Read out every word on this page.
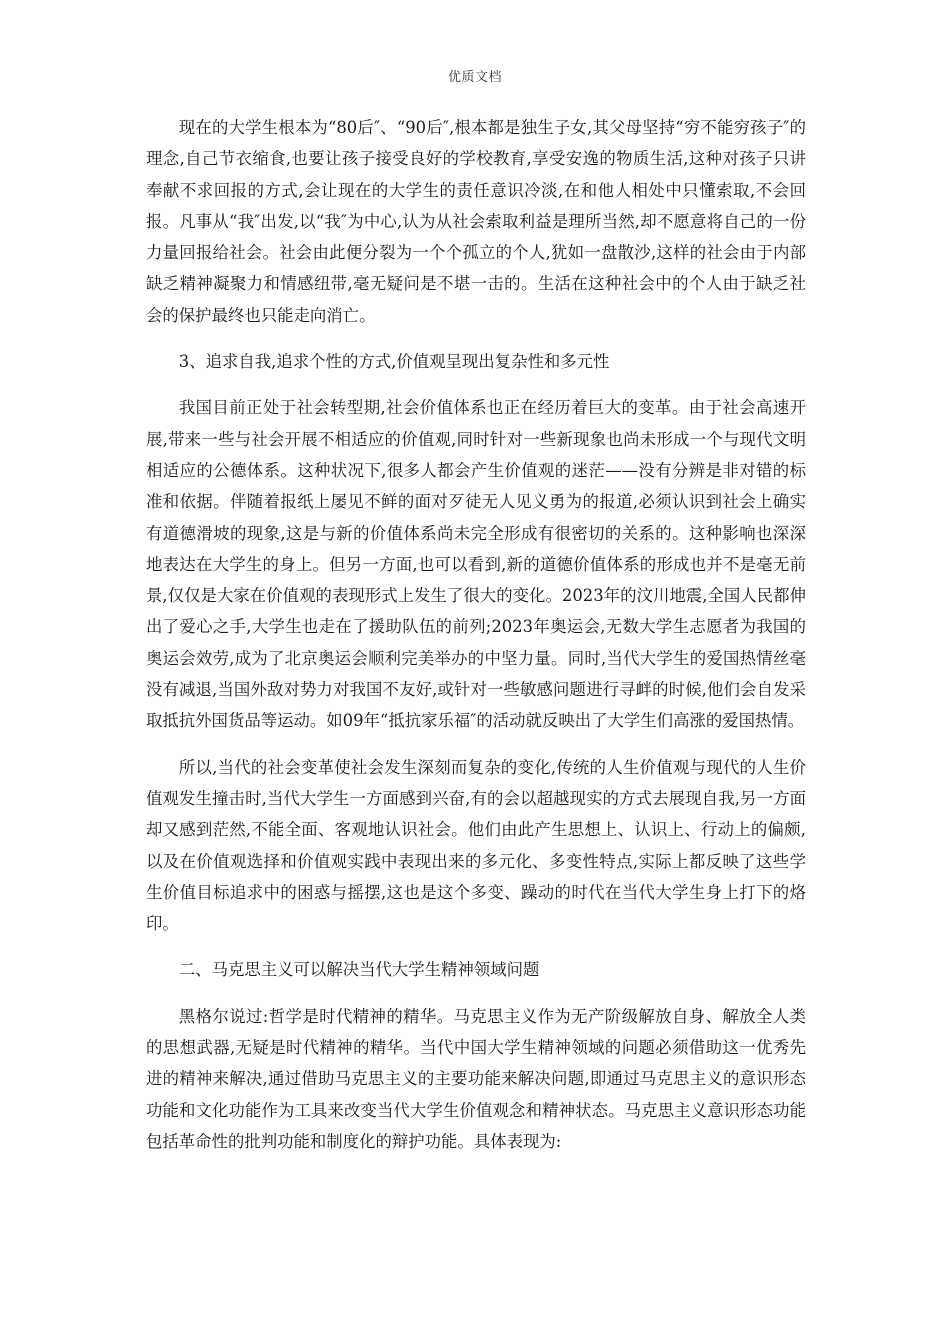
优质文档

现在的大学生根本为“80后″、“90后″,根本都是独生子女,其父母坚持“穷不能穷孩子″的理念,自己节衣缩食,也要让孩子接受良好的学校教育,享受安逸的物质生活,这种对孩子只讲奉献不求回报的方式,会让现在的大学生的责任意识冷淡,在和他人相处中只懂索取,不会回报。凡事从“我″出发,以“我″为中心,认为从社会索取利益是理所当然,却不愿意将自己的一份力量回报给社会。社会由此便分裂为一个个孤立的个人,犹如一盘散沙,这样的社会由于内部缺乏精神凝聚力和情感纽带,毫无疑问是不堪一击的。生活在这种社会中的个人由于缺乏社会的保护最终也只能走向消亡。

3、追求自我,追求个性的方式,价值观呈现出复杂性和多元性

我国目前正处于社会转型期,社会价值体系也正在经历着巨大的变革。由于社会高速开展,带来一些与社会开展不相适应的价值观,同时针对一些新现象也尚未形成一个与现代文明相适应的公德体系。这种状况下,很多人都会产生价值观的迷茫——没有分辨是非对错的标准和依据。伴随着报纸上屡见不鲜的面对歹徒无人见义勇为的报道,必须认识到社会上确实有道德滑坡的现象,这是与新的价值体系尚未完全形成有很密切的关系的。这种影响也深深地表达在大学生的身上。但另一方面,也可以看到,新的道德价值体系的形成也并不是毫无前景,仅仅是大家在价值观的表现形式上发生了很大的变化。2023年的汶川地震,全国人民都伸出了爱心之手,大学生也走在了援助队伍的前列;2023年奥运会,无数大学生志愿者为我国的奥运会效劳,成为了北京奥运会顺利完美举办的中坚力量。同时,当代大学生的爱国热情丝毫没有减退,当国外敌对势力对我国不友好,或针对一些敏感问题进行寻衅的时候,他们会自发采取抵抗外国货品等运动。如09年“抵抗家乐福″的活动就反映出了大学生们高涨的爱国热情。

所以,当代的社会变革使社会发生深刻而复杂的变化,传统的人生价值观与现代的人生价值观发生撞击时,当代大学生一方面感到兴奋,有的会以超越现实的方式去展现自我,另一方面却又感到茫然,不能全面、客观地认识社会。他们由此产生思想上、认识上、行动上的偏颇,以及在价值观选择和价值观实践中表现出来的多元化、多变性特点,实际上都反映了这些学生价值目标追求中的困惑与摇摆,这也是这个多变、躁动的时代在当代大学生身上打下的烙印。

二、马克思主义可以解决当代大学生精神领域问题

黑格尔说过:哲学是时代精神的精华。马克思主义作为无产阶级解放自身、解放全人类的思想武器,无疑是时代精神的精华。当代中国大学生精神领域的问题必须借助这一优秀先进的精神来解决,通过借助马克思主义的主要功能来解决问题,即通过马克思主义的意识形态功能和文化功能作为工具来改变当代大学生价值观念和精神状态。马克思主义意识形态功能包括革命性的批判功能和制度化的辩护功能。具体表现为:
